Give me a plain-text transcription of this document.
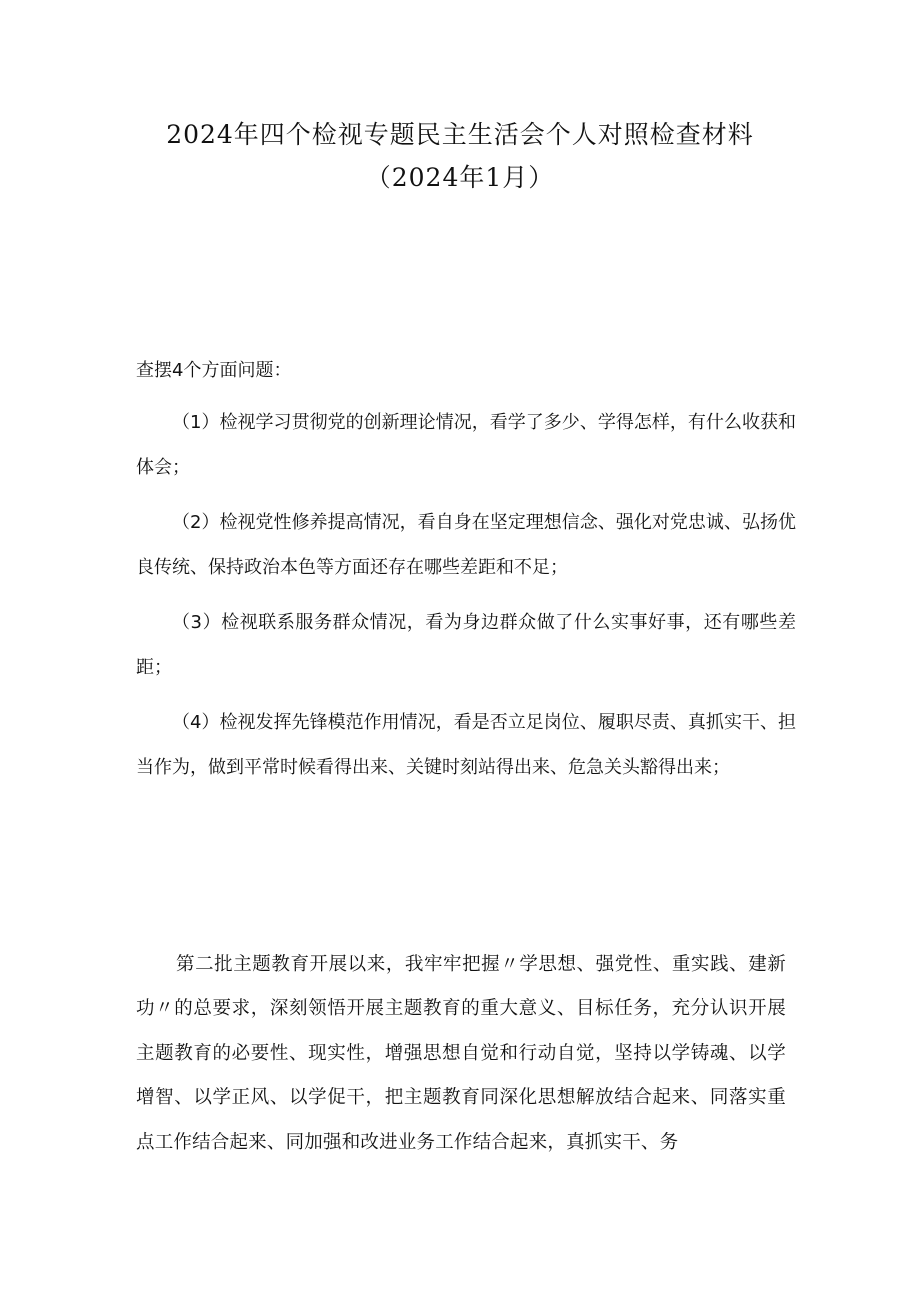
2024年四个检视专题民主生活会个人对照检查材料
（2024年1月）
查摆4个方面问题：

（1）检视学习贯彻党的创新理论情况，看学了多少、学得怎样，有什么收获和体会；

（2）检视党性修养提高情况，看自身在坚定理想信念、强化对党忠诚、弘扬优良传统、保持政治本色等方面还存在哪些差距和不足；

（3）检视联系服务群众情况，看为身边群众做了什么实事好事，还有哪些差距；

（4）检视发挥先锋模范作用情况，看是否立足岗位、履职尽责、真抓实干、担当作为，做到平常时候看得出来、关键时刻站得出来、危急关头豁得出来；

第二批主题教育开展以来，我牢牢把握〃学思想、强党性、重实践、建新功〃的总要求，深刻领悟开展主题教育的重大意义、目标任务，充分认识开展主题教育的必要性、现实性，增强思想自觉和行动自觉，坚持以学铸魂、以学增智、以学正风、以学促干，把主题教育同深化思想解放结合起来、同落实重点工作结合起来、同加强和改进业务工作结合起来，真抓实干、务
